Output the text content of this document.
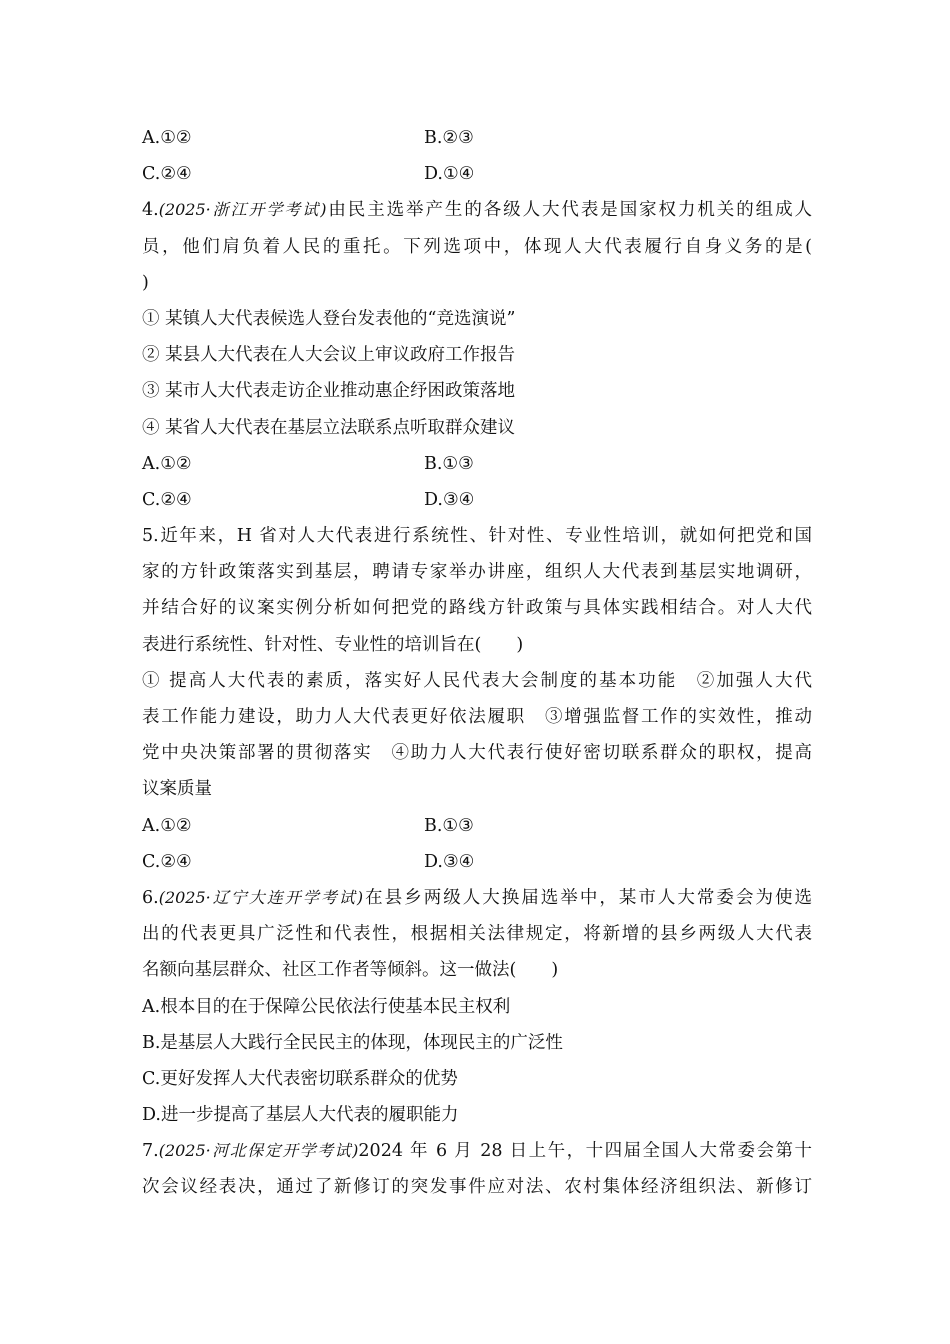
A.①②	B.②③
C.②④	D.①④
4.(2025·浙江开学考试)由民主选举产生的各级人大代表是国家权力机关的组成人
员，他们肩负着人民的重托。下列选项中，体现人大代表履行自身义务的是(
)
① 某镇人大代表候选人登台发表他的“竞选演说”
② 某县人大代表在人大会议上审议政府工作报告
③ 某市人大代表走访企业推动惠企纾困政策落地
④ 某省人大代表在基层立法联系点听取群众建议
A.①②	B.①③
C.②④	D.③④
5.近年来，H 省对人大代表进行系统性、针对性、专业性培训，就如何把党和国
家的方针政策落实到基层，聘请专家举办讲座，组织人大代表到基层实地调研，
并结合好的议案实例分析如何把党的路线方针政策与具体实践相结合。对人大代
表进行系统性、针对性、专业性的培训旨在(　　)
① 提高人大代表的素质，落实好人民代表大会制度的基本功能　②加强人大代
表工作能力建设，助力人大代表更好依法履职　③增强监督工作的实效性，推动
党中央决策部署的贯彻落实　④助力人大代表行使好密切联系群众的职权，提高
议案质量
A.①②	B.①③
C.②④	D.③④
6.(2025·辽宁大连开学考试)在县乡两级人大换届选举中，某市人大常委会为使选
出的代表更具广泛性和代表性，根据相关法律规定，将新增的县乡两级人大代表
名额向基层群众、社区工作者等倾斜。这一做法(　　)
A.根本目的在于保障公民依法行使基本民主权利
B.是基层人大践行全民民主的体现，体现民主的广泛性
C.更好发挥人大代表密切联系群众的优势
D.进一步提高了基层人大代表的履职能力
7.(2025·河北保定开学考试)2024 年 6 月 28 日上午，十四届全国人大常委会第十
次会议经表决，通过了新修订的突发事件应对法、农村集体经济组织法、新修订
